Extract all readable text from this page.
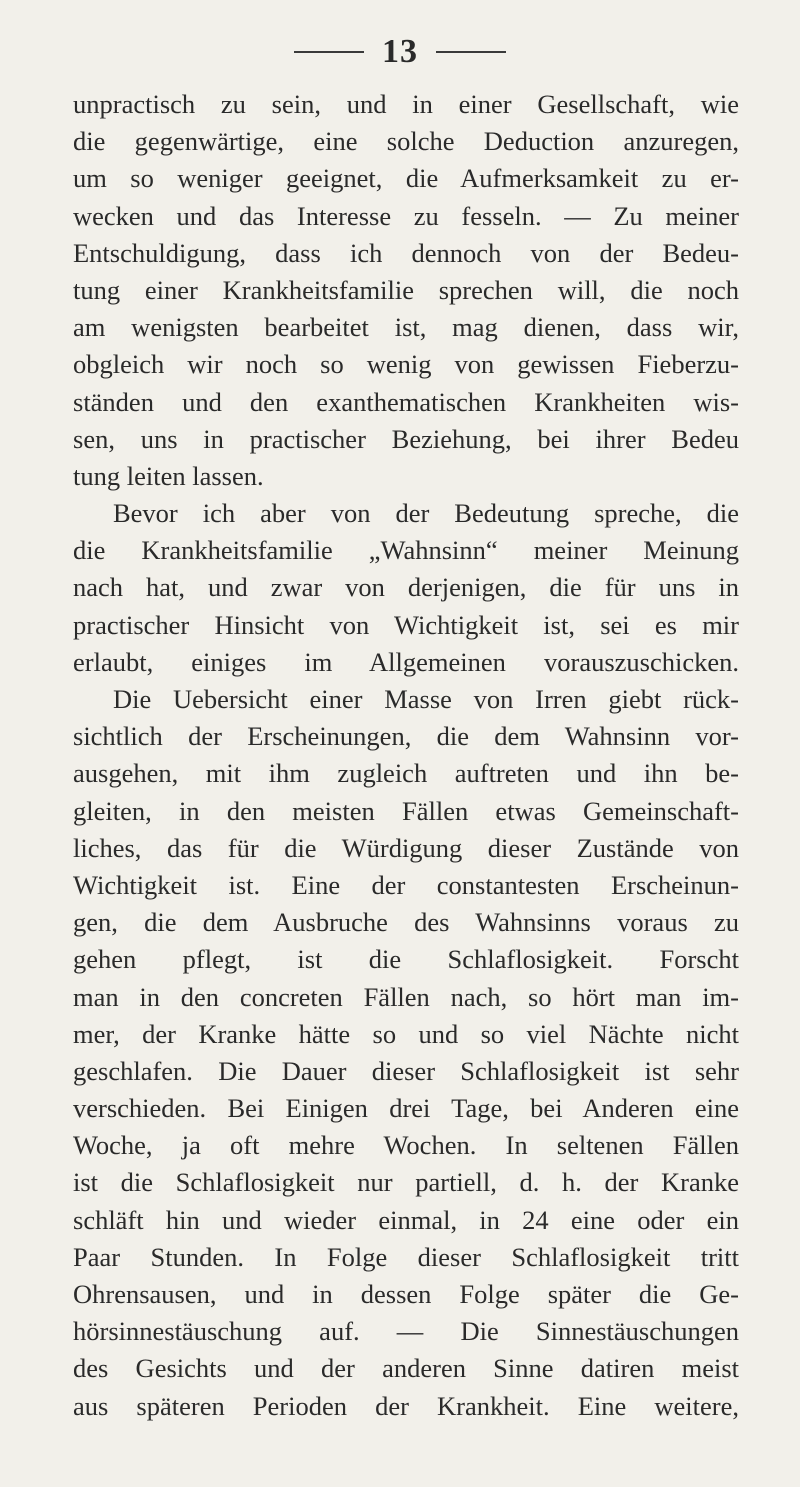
13
unpractisch zu sein, und in einer Gesellschaft, wie
die gegenwärtige, eine solche Deduction anzuregen,
um so weniger geeignet, die Aufmerksamkeit zu er-
wecken und das Interesse zu fesseln. — Zu meiner
Entschuldigung, dass ich dennoch von der Bedeu-
tung einer Krankheitsfamilie sprechen will, die noch
am wenigsten bearbeitet ist, mag dienen, dass wir,
obgleich wir noch so wenig von gewissen Fieberzu-
ständen und den exanthematischen Krankheiten wis-
sen, uns in practischer Beziehung, bei ihrer Bedeu
tung leiten lassen.
Bevor ich aber von der Bedeutung spreche, die
die Krankheitsfamilie „Wahnsinn“ meiner Meinung
nach hat, und zwar von derjenigen, die für uns in
practischer Hinsicht von Wichtigkeit ist, sei es mir
erlaubt, einiges im Allgemeinen vorauszuschicken.
Die Uebersicht einer Masse von Irren giebt rück-
sichtlich der Erscheinungen, die dem Wahnsinn vor-
ausgehen, mit ihm zugleich auftreten und ihn be-
gleiten, in den meisten Fällen etwas Gemeinschaft-
liches, das für die Würdigung dieser Zustände von
Wichtigkeit ist. Eine der constantesten Erscheinun-
gen, die dem Ausbruche des Wahnsinns voraus zu
gehen pflegt, ist die Schlaflosigkeit. Forscht
man in den concreten Fällen nach, so hört man im-
mer, der Kranke hätte so und so viel Nächte nicht
geschlafen. Die Dauer dieser Schlaflosigkeit ist sehr
verschieden. Bei Einigen drei Tage, bei Anderen eine
Woche, ja oft mehre Wochen. In seltenen Fällen
ist die Schlaflosigkeit nur partiell, d. h. der Kranke
schläft hin und wieder einmal, in 24 eine oder ein
Paar Stunden. In Folge dieser Schlaflosigkeit tritt
Ohrensausen, und in dessen Folge später die Ge-
hörsinnestäuschung auf. — Die Sinnestäuschungen
des Gesichts und der anderen Sinne datiren meist
aus späteren Perioden der Krankheit. Eine weitere,
